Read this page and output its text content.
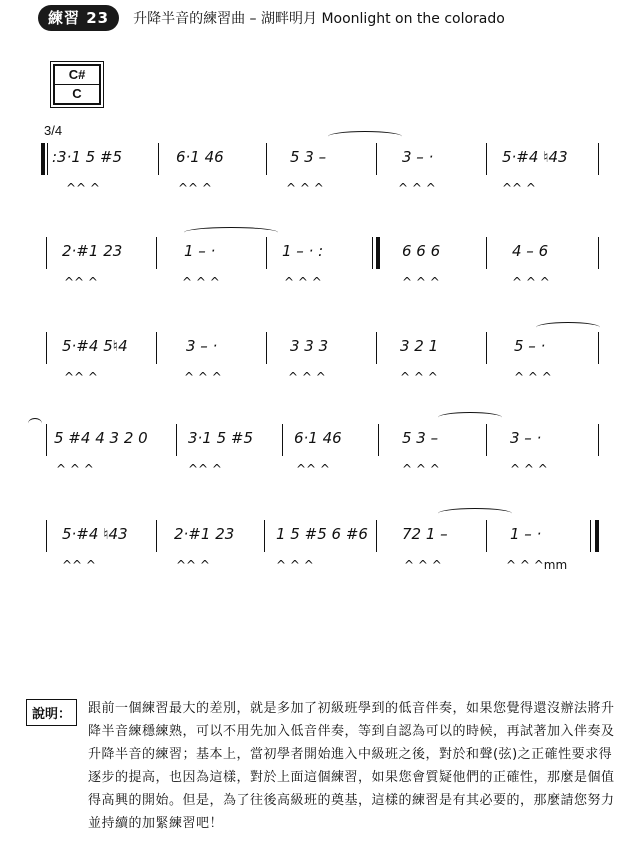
練習 23	升降半音的練習曲 – 湖畔明月 Moonlight on the colorado
C#
C
3/4
:3·1 5 #5
^^ ^
6·1 46
^^ ^
5 3 –
^ ^ ^
3 – ·
^ ^ ^
5·#4 ♮43
^^ ^
2·#1 23
^^ ^
1 – ·
^ ^ ^
1 – · :
^ ^ ^
6 6 6
^ ^ ^
4 – 6
^ ^ ^
5·#4 5♮4
^^ ^
3 – ·
^ ^ ^
3 3 3
^ ^ ^
3 2 1
^ ^ ^
5 – ·
^ ^ ^
5 #4 4 3 2 0
^ ^ ^
3·1 5 #5
^^ ^
6·1 46
^^ ^
5 3 –
^ ^ ^
3 – ·
^ ^ ^
5·#4 ♮43
^^ ^
2·#1 23
^^ ^
1 5 #5 6 #6
^ ^ ^
72 1 –
^ ^ ^
1 – ·
^ ^ ^ⅿⅿ
說明：	跟前一個練習最大的差別，就是多加了初級班學到的低音伴奏，如果您覺得還沒辦法將升降半音練穩練熟，可以不用先加入低音伴奏，等到自認為可以的時候，再試著加入伴奏及升降半音的練習；基本上，當初學者開始進入中級班之後，對於和聲(弦)之正確性要求得逐步的提高，也因為這樣，對於上面這個練習，如果您會質疑他們的正確性，那麼是個值得高興的開始。但是，為了往後高級班的奠基，這樣的練習是有其必要的，那麼請您努力並持續的加緊練習吧！
